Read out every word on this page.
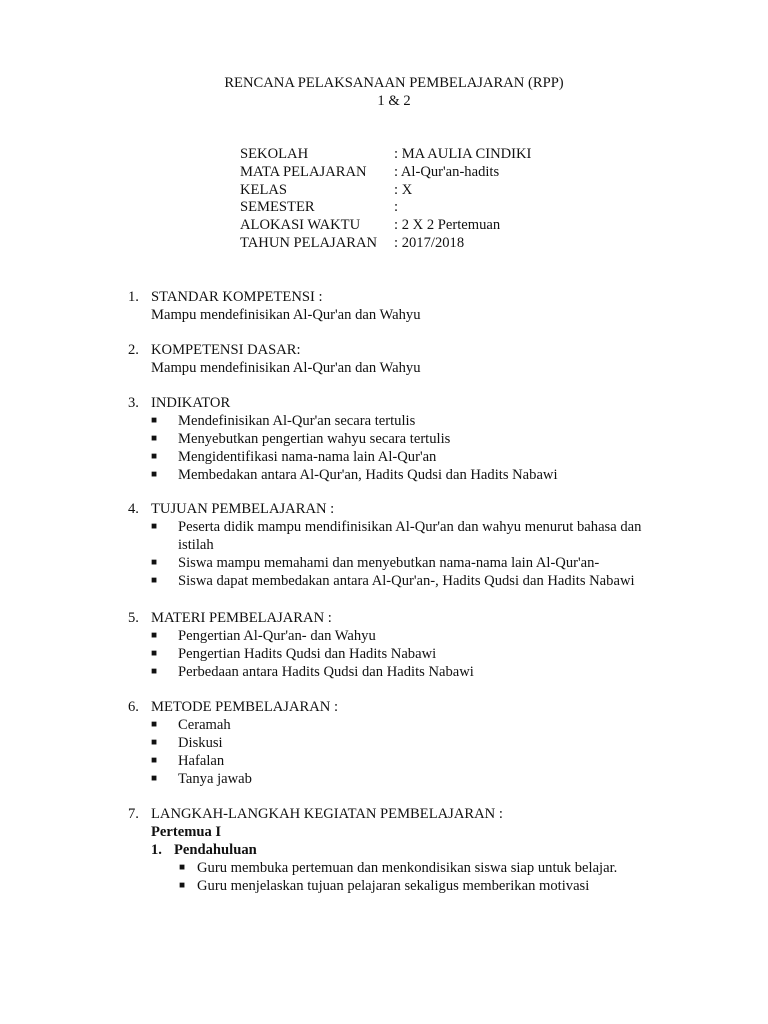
RENCANA PELAKSANAAN PEMBELAJARAN (RPP)
1 & 2
SEKOLAH	: MA AULIA CINDIKI
MATA PELAJARAN	: Al-Qur'an-hadits
KELAS	: X
SEMESTER	:
ALOKASI WAKTU	: 2 X 2 Pertemuan
TAHUN PELAJARAN	: 2017/2018
1. STANDAR KOMPETENSI :
Mampu mendefinisikan Al-Qur'an dan Wahyu
2. KOMPETENSI DASAR:
Mampu mendefinisikan Al-Qur'an dan Wahyu
3. INDIKATOR
■	Mendefinisikan Al-Qur'an secara tertulis
■	Menyebutkan pengertian wahyu secara tertulis
■	Mengidentifikasi nama-nama lain Al-Qur'an
■	Membedakan antara Al-Qur'an, Hadits Qudsi dan Hadits Nabawi
4. TUJUAN PEMBELAJARAN :
■	Peserta didik mampu mendifinisikan Al-Qur'an dan wahyu menurut bahasa dan istilah
■	Siswa mampu memahami dan menyebutkan nama-nama lain Al-Qur'an-
■	Siswa dapat membedakan antara Al-Qur'an-, Hadits Qudsi dan Hadits Nabawi
5. MATERI PEMBELAJARAN :
■	Pengertian Al-Qur'an- dan Wahyu
■	Pengertian Hadits Qudsi dan Hadits Nabawi
■	Perbedaan antara Hadits Qudsi dan Hadits Nabawi
6. METODE PEMBELAJARAN :
■	Ceramah
■	Diskusi
■	Hafalan
■	Tanya jawab
7. LANGKAH-LANGKAH KEGIATAN PEMBELAJARAN :
Pertemua I
1. Pendahuluan
■ Guru membuka pertemuan dan menkondisikan siswa siap untuk belajar.
■ Guru menjelaskan tujuan pelajaran sekaligus memberikan motivasi
